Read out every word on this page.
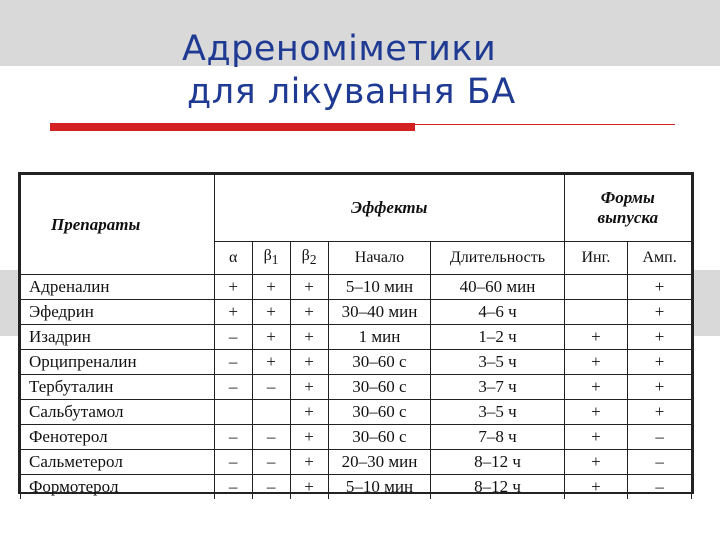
Адреноміметики
для лікування БА
Препараты	Эффекты					Формы
выпуска	
	α	$\beta_1$	$\beta_2$	Начало	Длительность	Инг.	Амп.
Адреналин	+	+	+	5–10 мин	40–60 мин		+
Эфедрин	+	+	+	30–40 мин	4–6 ч		+
Изадрин	–	+	+	1 мин	1–2 ч	+	+
Орципреналин	–	+	+	30–60 с	3–5 ч	+	+
Тербуталин	–	–	+	30–60 с	3–7 ч	+	+
Сальбутамол			+	30–60 с	3–5 ч	+	+
Фенотерол	–	–	+	30–60 с	7–8 ч	+	–
Сальметерол	–	–	+	20–30 мин	8–12 ч	+	–
Формотерол	–	–	+	5–10 мин	8–12 ч	+	–
